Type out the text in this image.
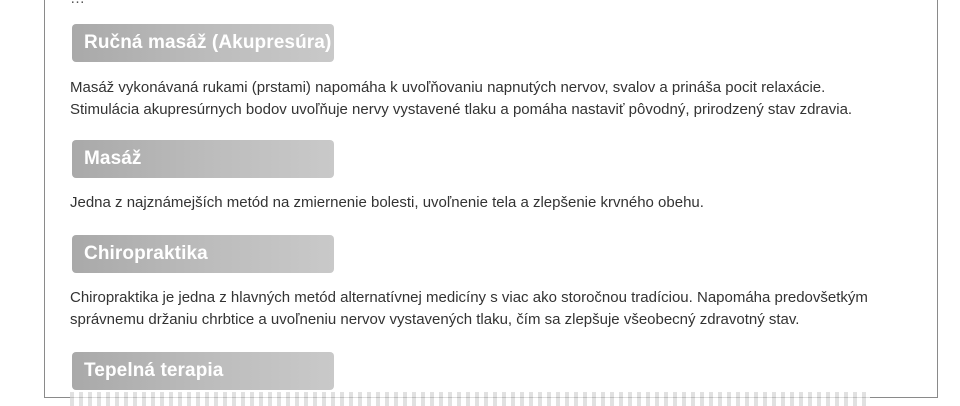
Ručná masáž (Akupresúra)

Masáž vykonávaná rukami (prstami) napomáha k uvoľňovaniu napnutých nervov, svalov a prináša pocit relaxácie.

Stimulácia akupresúrnych bodov uvoľňuje nervy vystavené tlaku a pomáha nastaviť pôvodný, prirodzený stav zdravia.

Masáž

Jedna z najznámejších metód na zmiernenie bolesti, uvoľnenie tela a zlepšenie krvného obehu.

Chiropraktika

Chiropraktika je jedna z hlavných metód alternatívnej medicíny s viac ako storočnou tradíciou. Napomáha predovšetkým

správnemu držaniu chrbtice a uvoľneniu nervov vystavených tlaku, čím sa zlepšuje všeobecný zdravotný stav.

Tepelná terapia
